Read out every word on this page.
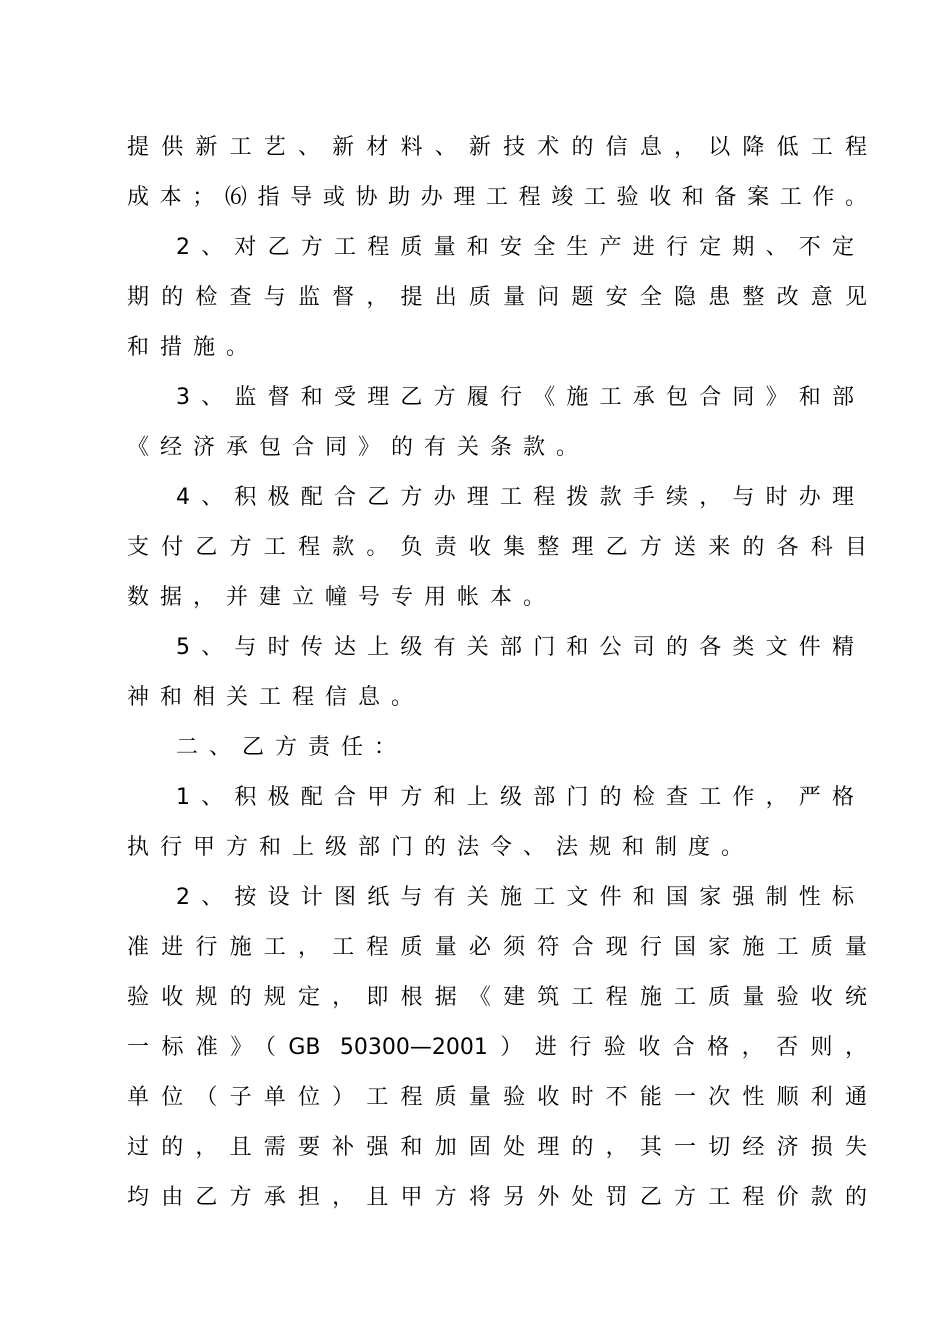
提供新工艺、新材料、新技术的信息，以降低工程
成本；⑹指导或协助办理工程竣工验收和备案工作。
2、对乙方工程质量和安全生产进行定期、不定
期的检查与监督，提出质量问题安全隐患整改意见
和措施。
3、监督和受理乙方履行《施工承包合同》和部
《经济承包合同》的有关条款。
4、积极配合乙方办理工程拨款手续，与时办理
支付乙方工程款。负责收集整理乙方送来的各科目
数据，并建立幢号专用帐本。
5、与时传达上级有关部门和公司的各类文件精
神和相关工程信息。
二、乙方责任：
1、积极配合甲方和上级部门的检查工作，严格
执行甲方和上级部门的法令、法规和制度。
2、按设计图纸与有关施工文件和国家强制性标
准进行施工，工程质量必须符合现行国家施工质量
验收规的规定，即根据《建筑工程施工质量验收统
一标准》（GB 50300—2001）进行验收合格，否则，
单位（子单位）工程质量验收时不能一次性顺利通
过的，且需要补强和加固处理的，其一切经济损失
均由乙方承担，且甲方将另外处罚乙方工程价款的
